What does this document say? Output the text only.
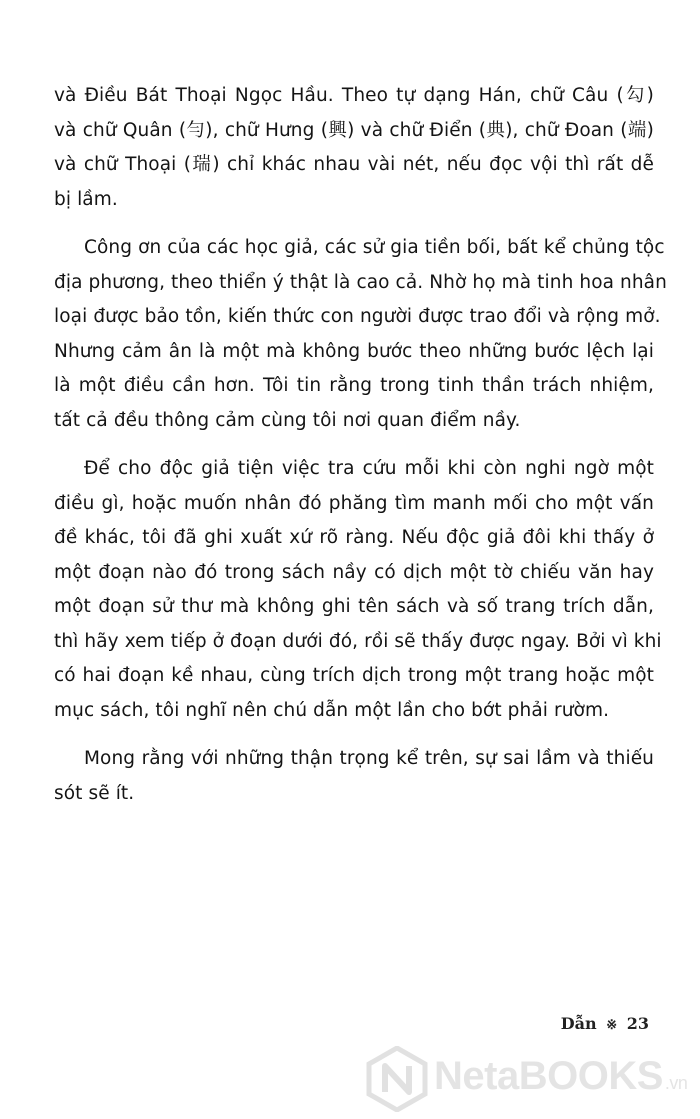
và Điều Bát Thoại Ngọc Hầu. Theo tự dạng Hán, chữ Câu (勾)
và chữ Quân (勻), chữ Hưng (興) và chữ Điển (典), chữ Đoan (端)
và chữ Thoại (瑞) chỉ khác nhau vài nét, nếu đọc vội thì rất dễ
bị lầm.

Công ơn của các học giả, các sử gia tiền bối, bất kể chủng tộc
địa phương, theo thiển ý thật là cao cả. Nhờ họ mà tinh hoa nhân
loại được bảo tồn, kiến thức con người được trao đổi và rộng mở.
Nhưng cảm ân là một mà không bước theo những bước lệch lại
là một điều cần hơn. Tôi tin rằng trong tinh thần trách nhiệm,
tất cả đều thông cảm cùng tôi nơi quan điểm nầy.

Để cho độc giả tiện việc tra cứu mỗi khi còn nghi ngờ một
điều gì, hoặc muốn nhân đó phăng tìm manh mối cho một vấn
đề khác, tôi đã ghi xuất xứ rõ ràng. Nếu độc giả đôi khi thấy ở
một đoạn nào đó trong sách nầy có dịch một tờ chiếu văn hay
một đoạn sử thư mà không ghi tên sách và số trang trích dẫn,
thì hãy xem tiếp ở đoạn dưới đó, rồi sẽ thấy được ngay. Bởi vì khi
có hai đoạn kề nhau, cùng trích dịch trong một trang hoặc một
mục sách, tôi nghĩ nên chú dẫn một lần cho bớt phải rườm.

Mong rằng với những thận trọng kể trên, sự sai lầm và thiếu
sót sẽ ít.

Dẫn ※ 23
NetaBOOKS .vn
